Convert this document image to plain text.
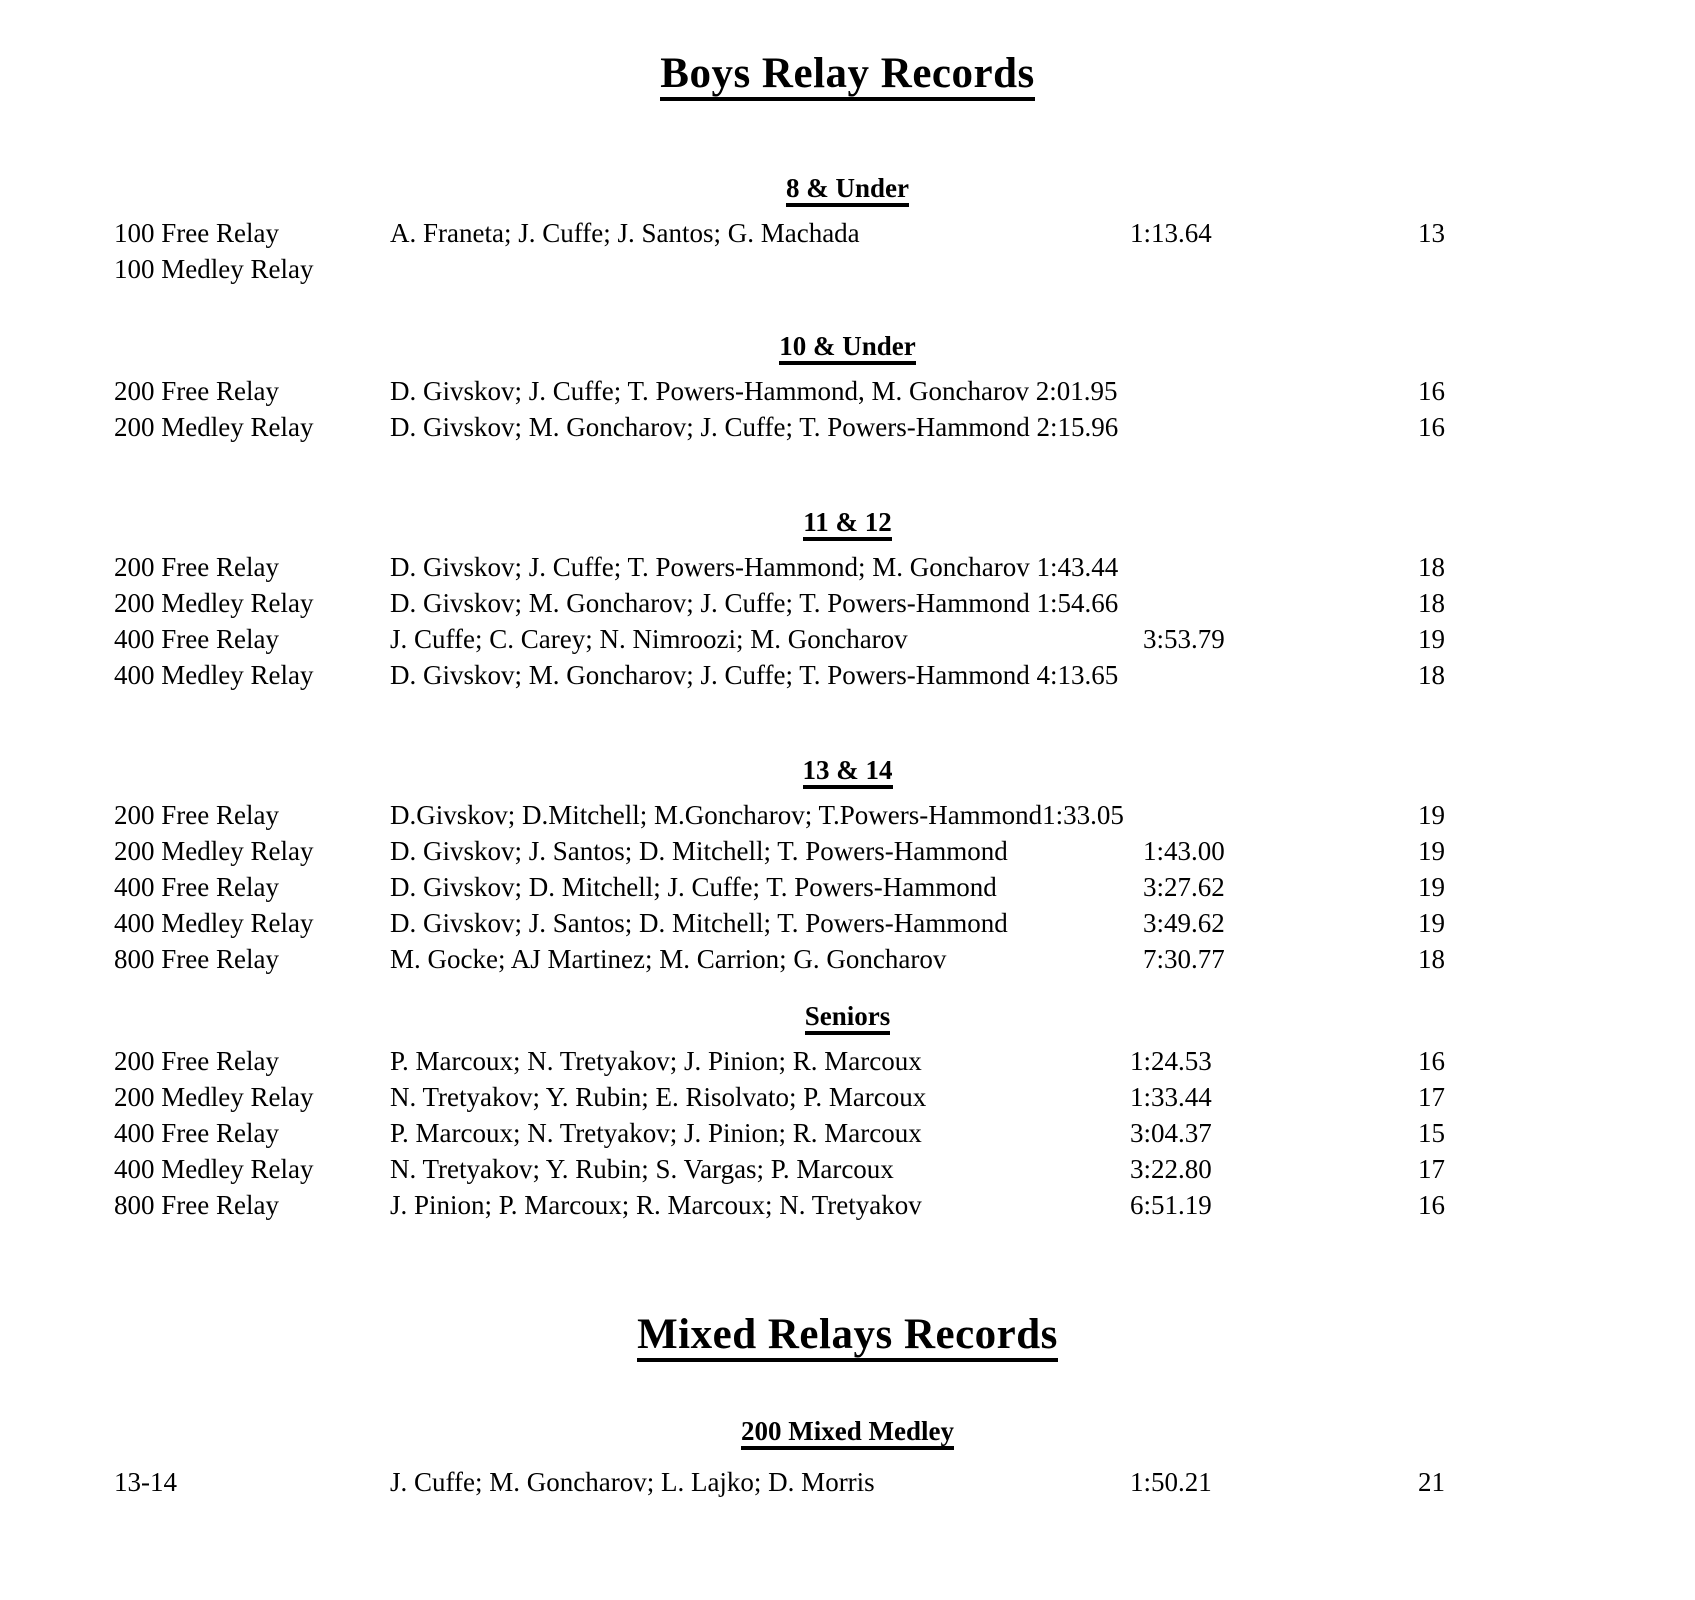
Boys Relay Records
8 & Under
100 Free Relay	A. Franeta; J. Cuffe; J. Santos; G. Machada	1:13.64	13
100 Medley Relay
10 & Under
200 Free Relay	D. Givskov; J. Cuffe; T. Powers-Hammond, M. Goncharov 2:01.95	16
200 Medley Relay	D. Givskov; M. Goncharov; J. Cuffe; T. Powers-Hammond 2:15.96	16
11 & 12
200 Free Relay	D. Givskov; J. Cuffe; T. Powers-Hammond; M. Goncharov 1:43.44	18
200 Medley Relay	D. Givskov; M. Goncharov; J. Cuffe; T. Powers-Hammond 1:54.66	18
400 Free Relay	J. Cuffe; C. Carey; N. Nimroozi; M. Goncharov	3:53.79	19
400 Medley Relay	D. Givskov; M. Goncharov; J. Cuffe; T. Powers-Hammond 4:13.65	18
13 & 14
200 Free Relay	D.Givskov; D.Mitchell; M.Goncharov; T.Powers-Hammond1:33.05	19
200 Medley Relay	D. Givskov; J. Santos; D. Mitchell; T. Powers-Hammond	1:43.00	19
400 Free Relay	D. Givskov; D. Mitchell; J. Cuffe; T. Powers-Hammond	3:27.62	19
400 Medley Relay	D. Givskov; J. Santos; D. Mitchell; T. Powers-Hammond	3:49.62	19
800 Free Relay	M. Gocke; AJ Martinez; M. Carrion; G. Goncharov	7:30.77	18
Seniors
200 Free Relay	P. Marcoux; N. Tretyakov; J. Pinion; R. Marcoux	1:24.53	16
200 Medley Relay	N. Tretyakov; Y. Rubin; E. Risolvato; P. Marcoux	1:33.44	17
400 Free Relay	P. Marcoux; N. Tretyakov; J. Pinion; R. Marcoux	3:04.37	15
400 Medley Relay	N. Tretyakov; Y. Rubin; S. Vargas; P. Marcoux	3:22.80	17
800 Free Relay	J. Pinion; P. Marcoux; R. Marcoux; N. Tretyakov	6:51.19	16
Mixed Relays Records
200 Mixed Medley
13-14	J. Cuffe; M. Goncharov; L. Lajko; D. Morris	1:50.21	21
